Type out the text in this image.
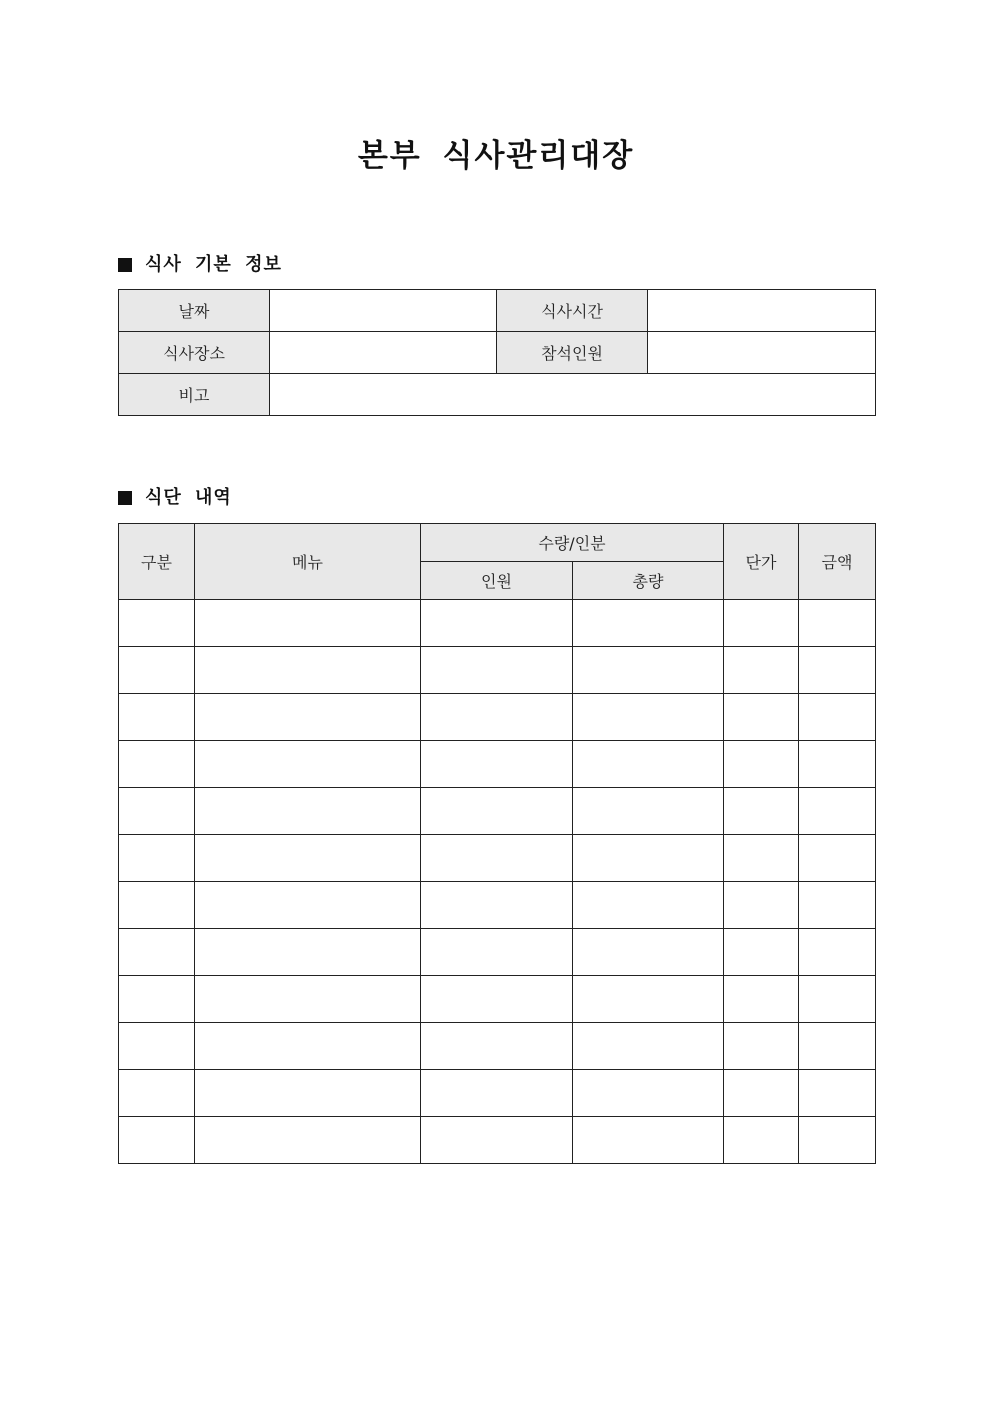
본부 식사관리대장
식사 기본 정보
날짜		식사시간	
식사장소		참석인원	
비고			
식단 내역
구분	메뉴	수량/인분		단가	금액
		인원	총량		
